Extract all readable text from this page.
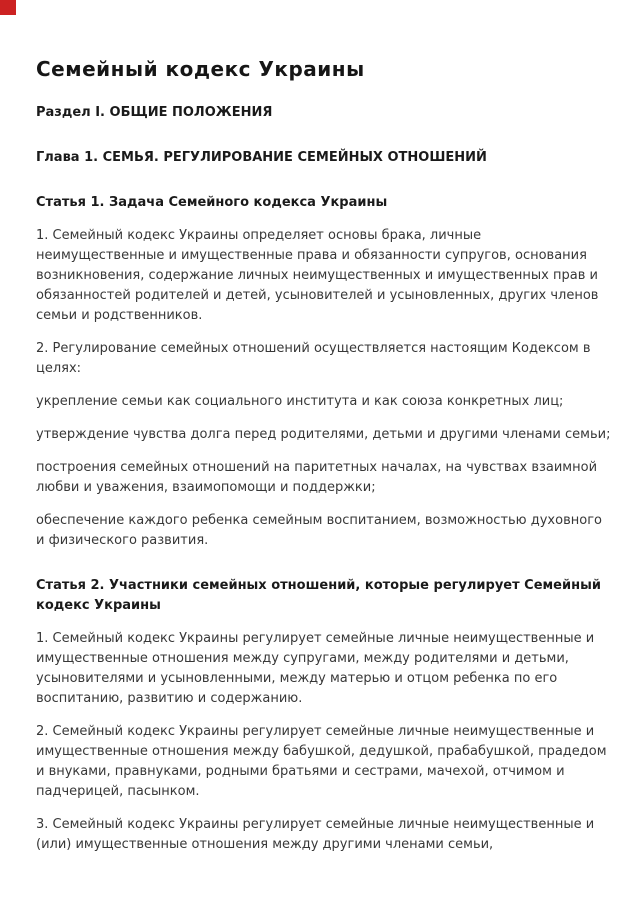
Семейный кодекс Украины
Раздел I. ОБЩИЕ ПОЛОЖЕНИЯ
Глава 1. СЕМЬЯ. РЕГУЛИРОВАНИЕ СЕМЕЙНЫХ ОТНОШЕНИЙ
Статья 1. Задача Семейного кодекса Украины

1. Семейный кодекс Украины определяет основы брака, личные неимущественные и имущественные права и обязанности супругов, основания возникновения, содержание личных неимущественных и имущественных прав и обязанностей родителей и детей, усыновителей и усыновленных, других членов семьи и родственников.

2. Регулирование семейных отношений осуществляется настоящим Кодексом в целях:

укрепление семьи как социального института и как союза конкретных лиц;

утверждение чувства долга перед родителями, детьми и другими членами семьи;

построения семейных отношений на паритетных началах, на чувствах взаимной любви и уважения, взаимопомощи и поддержки;

обеспечение каждого ребенка семейным воспитанием, возможностью духовного и физического развития.

Статья 2. Участники семейных отношений, которые регулирует Семейный кодекс Украины

1. Семейный кодекс Украины регулирует семейные личные неимущественные и имущественные отношения между супругами, между родителями и детьми, усыновителями и усыновленными, между матерью и отцом ребенка по его воспитанию, развитию и содержанию.

2. Семейный кодекс Украины регулирует семейные личные неимущественные и имущественные отношения между бабушкой, дедушкой, прабабушкой, прадедом и внуками, правнуками, родными братьями и сестрами, мачехой, отчимом и падчерицей, пасынком.

3. Семейный кодекс Украины регулирует семейные личные неимущественные и (или) имущественные отношения между другими членами семьи,
